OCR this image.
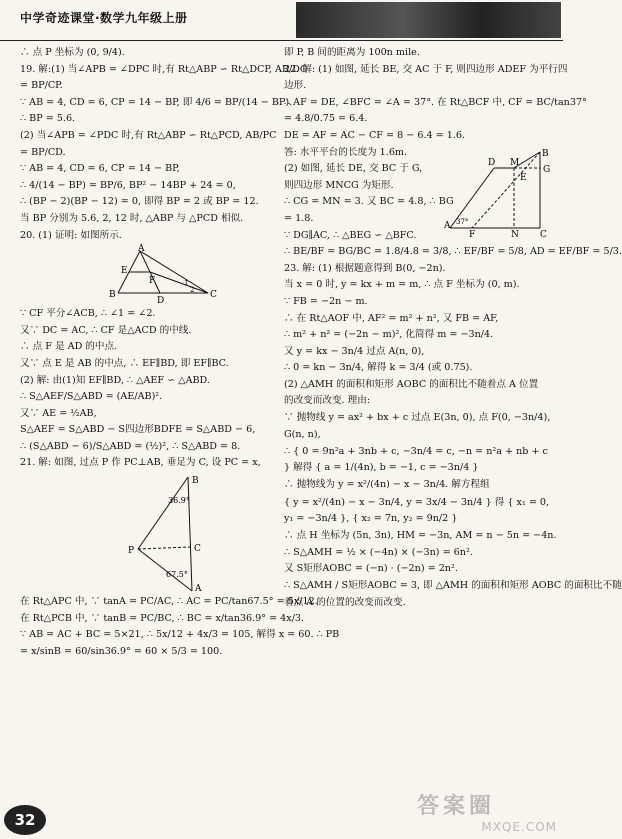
中学奇迹课堂·数学九年级上册

∴ 点 P 坐标为 (0, 9/4).

19. 解:(1) 当∠APB = ∠DPC 时,有 Rt△ABP ∽ Rt△DCP, AB/DC

= BP/CP.

∵ AB = 4, CD = 6, CP = 14 − BP, 即 4/6 = BP/(14 − BP).

∴ BP = 5.6.

(2) 当∠APB = ∠PDC 时,有 Rt△ABP ∽ Rt△PCD, AB/PC

= BP/CD.

∵ AB = 4, CD = 6, CP = 14 − BP,

∴ 4/(14 − BP) = BP/6, BP² − 14BP + 24 = 0,

∴ (BP − 2)(BP − 12) = 0, 即得 BP = 2 或 BP = 12.

当 BP 分别为 5.6, 2, 12 时, △ABP 与 △PCD 相似.

20. (1) 证明: 如图所示.

A
E
F
B
D
C
1
2

∵ CF 平分∠ACB, ∴ ∠1 = ∠2.

又∵ DC = AC, ∴ CF 是△ACD 的中线.

∴ 点 F 是 AD 的中点.

又∵ 点 E 是 AB 的中点, ∴ EF∥BD, 即 EF∥BC.

(2) 解: 由(1)知 EF∥BD, ∴ △AEF ∽ △ABD.

∴ S△AEF/S△ABD = (AE/AB)².

又∵ AE = ½AB,

S△AEF = S△ABD − S四边形BDFE = S△ABD − 6,

∴ (S△ABD − 6)/S△ABD = (½)², ∴ S△ABD = 8.

21. 解: 如图, 过点 P 作 PC⊥AB, 垂足为 C, 设 PC = x,

B
36.9°
C
P
67.5°
A

在 Rt△APC 中, ∵ tanA = PC/AC, ∴ AC = PC/tan67.5° = 5x/12.

在 Rt△PCB 中, ∵ tanB = PC/BC, ∴ BC = x/tan36.9° = 4x/3.

∵ AB = AC + BC = 5×21, ∴ 5x/12 + 4x/3 = 105, 解得 x = 60. ∴ PB

= x/sinB = 60/sin36.9° = 60 × 5/3 = 100.

即 P, B 间的距离为 100n mile.

22. 解: (1) 如图, 延长 BE, 交 AC 于 F, 则四边形 ADEF 为平行四

边形.

∴ AF = DE, ∠BFC = ∠A = 37°. 在 Rt△BCF 中, CF = BC/tan37°

= 4.8/0.75 = 6.4.

DE = AF = AC − CF = 8 − 6.4 = 1.6.

答: 水平平台的长度为 1.6m.

(2) 如图, 延长 DE, 交 BC 于 G,

则四边形 MNCG 为矩形.

∴ CG = MN = 3. 又 BC = 4.8, ∴ BG

= 1.8.

B
D M
E
G
A 37°
F	N C

∵ DG∥AC, ∴ △BEG ∽ △BFC.

∴ BE/BF = BG/BC = 1.8/4.8 = 3/8, ∴ EF/BF = 5/8, AD = EF/BF = 5/3.

23. 解: (1) 根据题意得到 B(0, −2n).

当 x = 0 时, y = kx + m = m, ∴ 点 F 坐标为 (0, m).

∵ FB = −2n − m.

∴ 在 Rt△AOF 中, AF² = m² + n², 又 FB = AF,

∴ m² + n² = (−2n − m)², 化简得 m = −3n/4.

又 y = kx − 3n/4 过点 A(n, 0),

∴ 0 = kn − 3n/4, 解得 k = 3/4 (或 0.75).

(2) △AMH 的面积和矩形 AOBC 的面积比不随着点 A 位置

的改变而改变. 理由:

∵ 抛物线 y = ax² + bx + c 过点 E(3n, 0), 点 F(0, −3n/4),

G(n, n),

∴ { 0 = 9n²a + 3nb + c, −3n/4 = c, −n = n²a + nb + c } 解得 { a = 1/(4n), b = −1, c = −3n/4 }

∴ 抛物线为 y = x²/(4n) − x − 3n/4. 解方程组

{ y = x²/(4n) − x − 3n/4, y = 3x/4 − 3n/4 } 得 { x₁ = 0, y₁ = −3n/4 }, { x₂ = 7n, y₂ = 9n/2 }

∴ 点 H 坐标为 (5n, 3n), HM = −3n, AM = n − 5n = −4n.

∴ S△AMH = ½ × (−4n) × (−3n) = 6n².

又 S矩形AOBC = (−n) · (−2n) = 2n².

∴ S△AMH / S矩形AOBC = 3, 即 △AMH 的面积和矩形 AOBC 的面积比不随

着点 A 的位置的改变而改变.

32
答案圈
MXQE.COM
